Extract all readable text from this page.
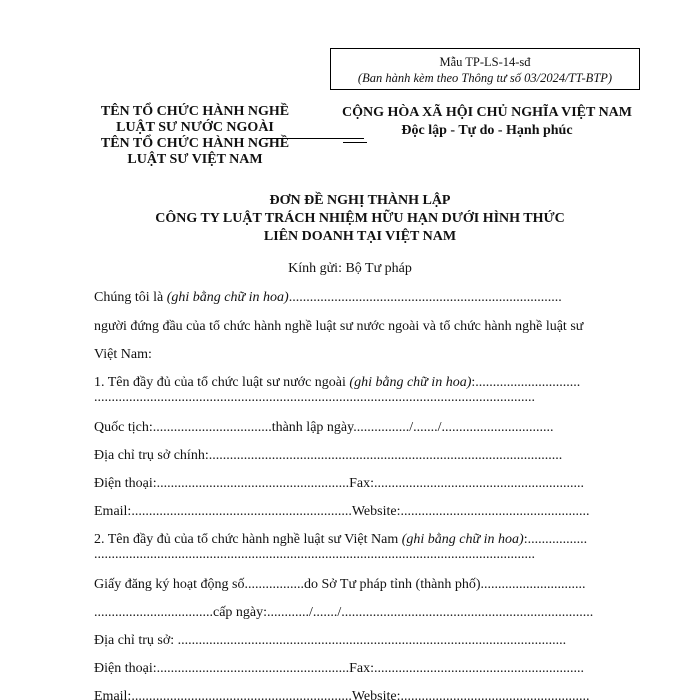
Mẫu TP-LS-14-sđ
(Ban hành kèm theo Thông tư số 03/2024/TT-BTP)
TÊN TỔ CHỨC HÀNH NGHỀ
LUẬT SƯ NƯỚC NGOÀI
TÊN TỔ CHỨC HÀNH NGHỀ
LUẬT SƯ VIỆT NAM
CỘNG HÒA XÃ HỘI CHỦ NGHĨA VIỆT NAM
Độc lập - Tự do - Hạnh phúc
ĐƠN ĐỀ NGHỊ THÀNH LẬP
CÔNG TY LUẬT TRÁCH NHIỆM HỮU HẠN DƯỚI HÌNH THỨC
LIÊN DOANH TẠI VIỆT NAM
Kính gửi: Bộ Tư pháp
Chúng tôi là (ghi bằng chữ in hoa)..............................................................................
người đứng đầu của tổ chức hành nghề luật sư nước ngoài và tổ chức hành nghề luật sư
Việt Nam:
1. Tên đầy đủ của tổ chức luật sư nước ngoài (ghi bằng chữ in hoa):..............................
..............................................................................................................................
Quốc tịch:..................................thành lập ngày................/......./................................
Địa chỉ trụ sở chính:.....................................................................................................
Điện thoại:.......................................................Fax:............................................................
Email:...............................................................Website:......................................................
2. Tên đầy đủ của tổ chức hành nghề luật sư Việt Nam (ghi bằng chữ in hoa):.................
..............................................................................................................................
Giấy đăng ký hoạt động số.................do Sở Tư pháp tỉnh (thành phố)..............................
..................................cấp ngày:............/......./........................................................................
Địa chỉ trụ sở: ...............................................................................................................
Điện thoại:.......................................................Fax:............................................................
Email:...............................................................Website:......................................................
